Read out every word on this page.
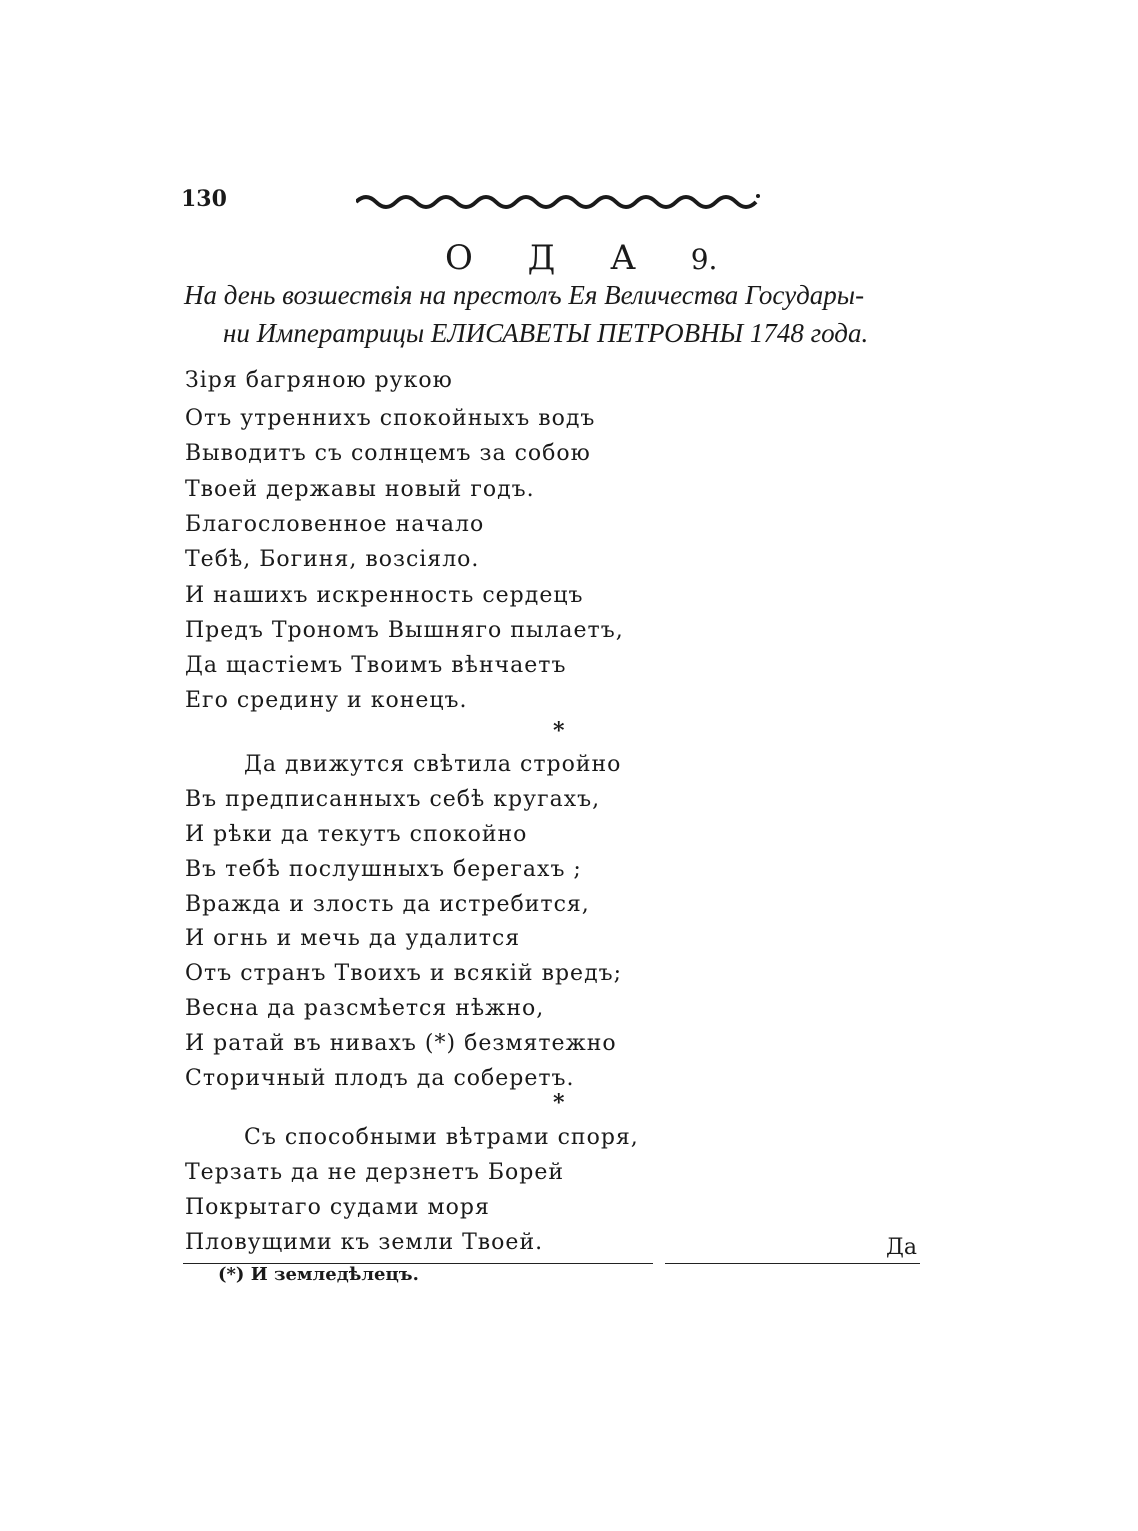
130
О Д А 9.
На день возшествія на престолъ Ея Величества Государы-
ни Императрицы ЕЛИСАВЕТЫ ПЕТРОВНЫ 1748 года.
Зіря багряною рукою
Отъ утреннихъ спокойныхъ водъ
Выводитъ съ солнцемъ за собою
Твоей державы новый годъ.
Благословенное начало
Тебѣ, Богиня, возсіяло.
И нашихъ искренность сердецъ
Предъ Трономъ Вышняго пылаетъ,
Да щастіемъ Твоимъ вѣнчаетъ
Его средину и конецъ.
*
Да движутся свѣтила стройно
Въ предписанныхъ себѣ кругахъ,
И рѣки да текутъ спокойно
Въ тебѣ послушныхъ берегахъ ;
Вражда и злость да истребится,
И огнь и мечь да удалится
Отъ странъ Твоихъ и всякій вредъ;
Весна да разсмѣется нѣжно,
И ратай въ нивахъ (*) безмятежно
Сторичный плодъ да соберетъ.
*
Съ способными вѣтрами споря,
Терзать да не дерзнетъ Борей
Покрытаго судами моря
Пловущими къ земли Твоей.	Да
(*) И земледѣлецъ.
